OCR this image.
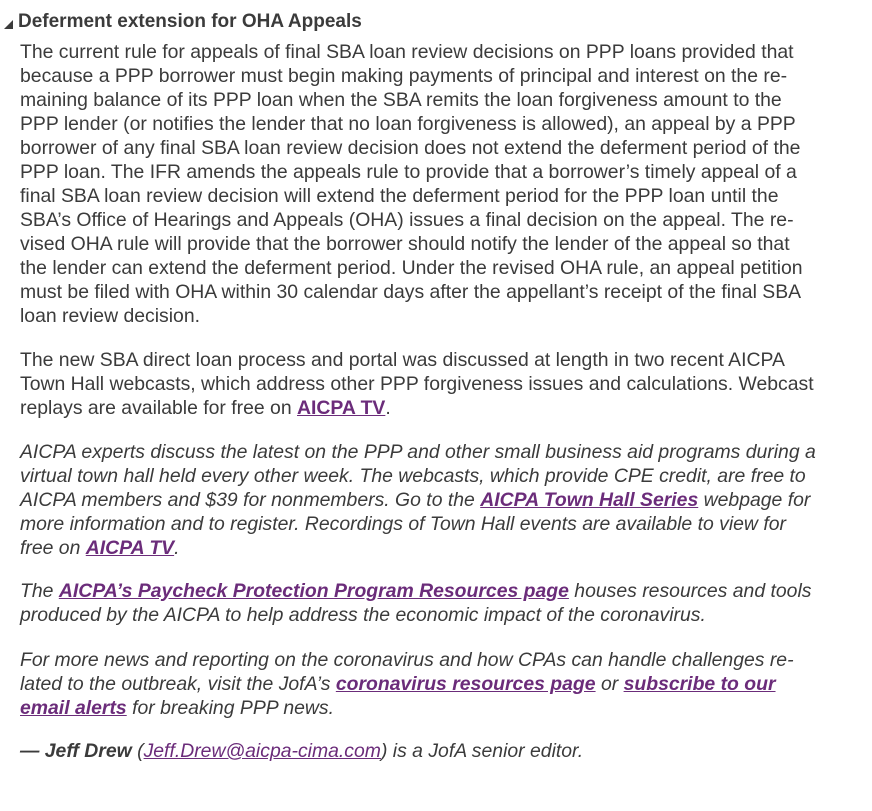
Deferment extension for OHA Appeals

The current rule for appeals of final SBA loan review decisions on PPP loans provided that
because a PPP borrower must begin making payments of principal and interest on the re-
maining balance of its PPP loan when the SBA remits the loan forgiveness amount to the
PPP lender (or notifies the lender that no loan forgiveness is allowed), an appeal by a PPP
borrower of any final SBA loan review decision does not extend the deferment period of the
PPP loan. The IFR amends the appeals rule to provide that a borrower’s timely appeal of a
final SBA loan review decision will extend the deferment period for the PPP loan until the
SBA’s Office of Hearings and Appeals (OHA) issues a final decision on the appeal. The re-
vised OHA rule will provide that the borrower should notify the lender of the appeal so that
the lender can extend the deferment period. Under the revised OHA rule, an appeal petition
must be filed with OHA within 30 calendar days after the appellant’s receipt of the final SBA
loan review decision.

The new SBA direct loan process and portal was discussed at length in two recent AICPA
Town Hall webcasts, which address other PPP forgiveness issues and calculations. Webcast
replays are available for free on AICPA TV.

AICPA experts discuss the latest on the PPP and other small business aid programs during a
virtual town hall held every other week. The webcasts, which provide CPE credit, are free to
AICPA members and $39 for nonmembers. Go to the AICPA Town Hall Series webpage for
more information and to register. Recordings of Town Hall events are available to view for
free on AICPA TV.

The AICPA’s Paycheck Protection Program Resources page houses resources and tools
produced by the AICPA to help address the economic impact of the coronavirus.

For more news and reporting on the coronavirus and how CPAs can handle challenges re-
lated to the outbreak, visit the JofA’s coronavirus resources page or subscribe to our
email alerts for breaking PPP news.

— Jeff Drew (Jeff.Drew@aicpa-cima.com) is a JofA senior editor.
